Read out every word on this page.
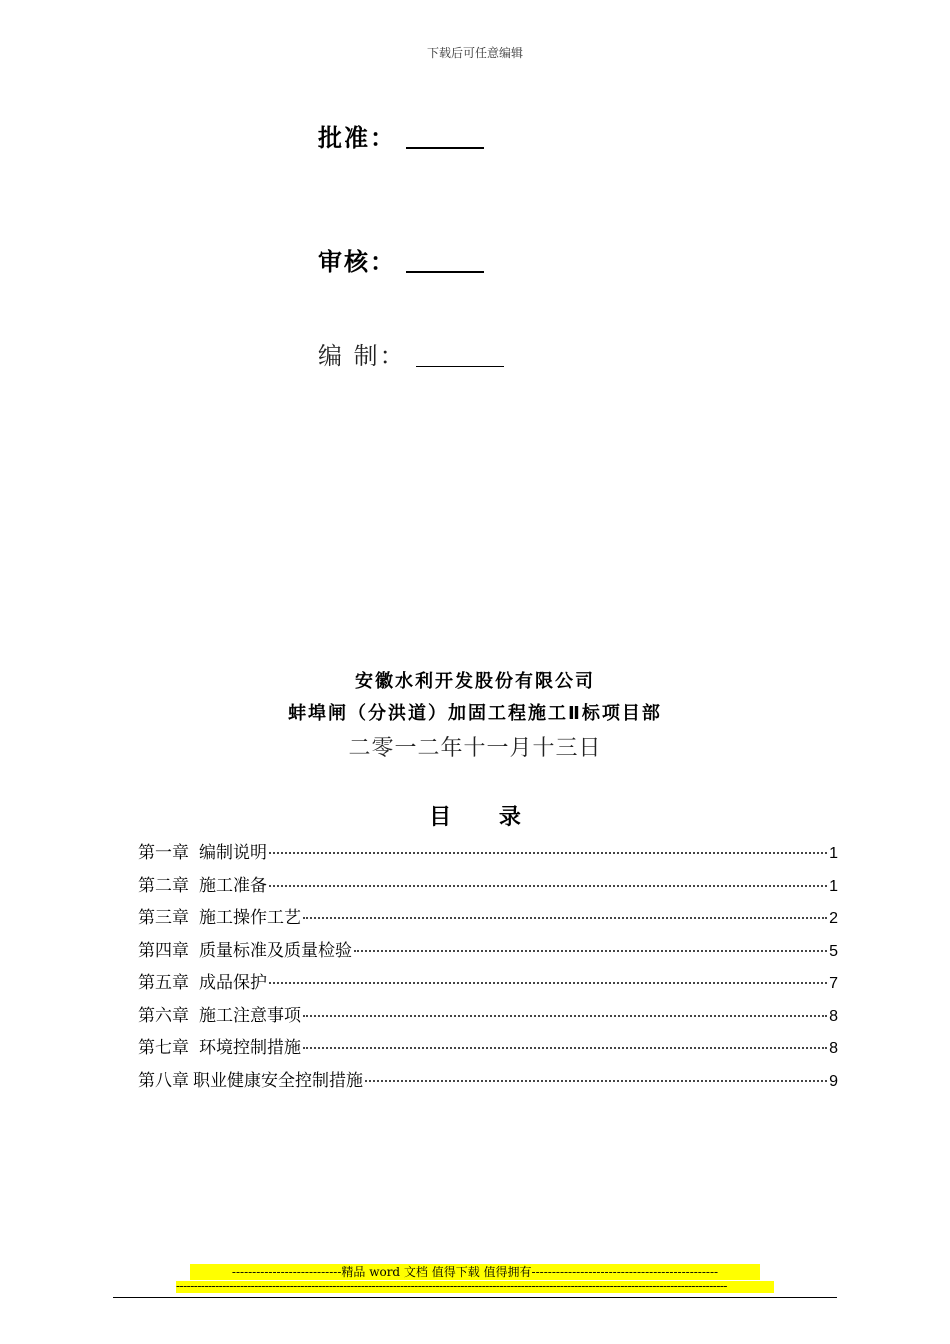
下载后可任意编辑
批准：
审核：
编 制：
安徽水利开发股份有限公司
蚌埠闸（分洪道）加固工程施工Ⅱ标项目部
二零一二年十一月十三日
目 录
第一章 编制说明	1
第二章 施工准备	1
第三章 施工操作工艺	2
第四章 质量标准及质量检验	5
第五章 成品保护	7
第六章 施工注意事项	8
第七章 环境控制措施	8
第八章 职业健康安全控制措施	9
---------------------------精品 word 文档 值得下载 值得拥有----------------------------------------------
-----------------------------------------------------------------------------------------------------------------------------------------------------------
